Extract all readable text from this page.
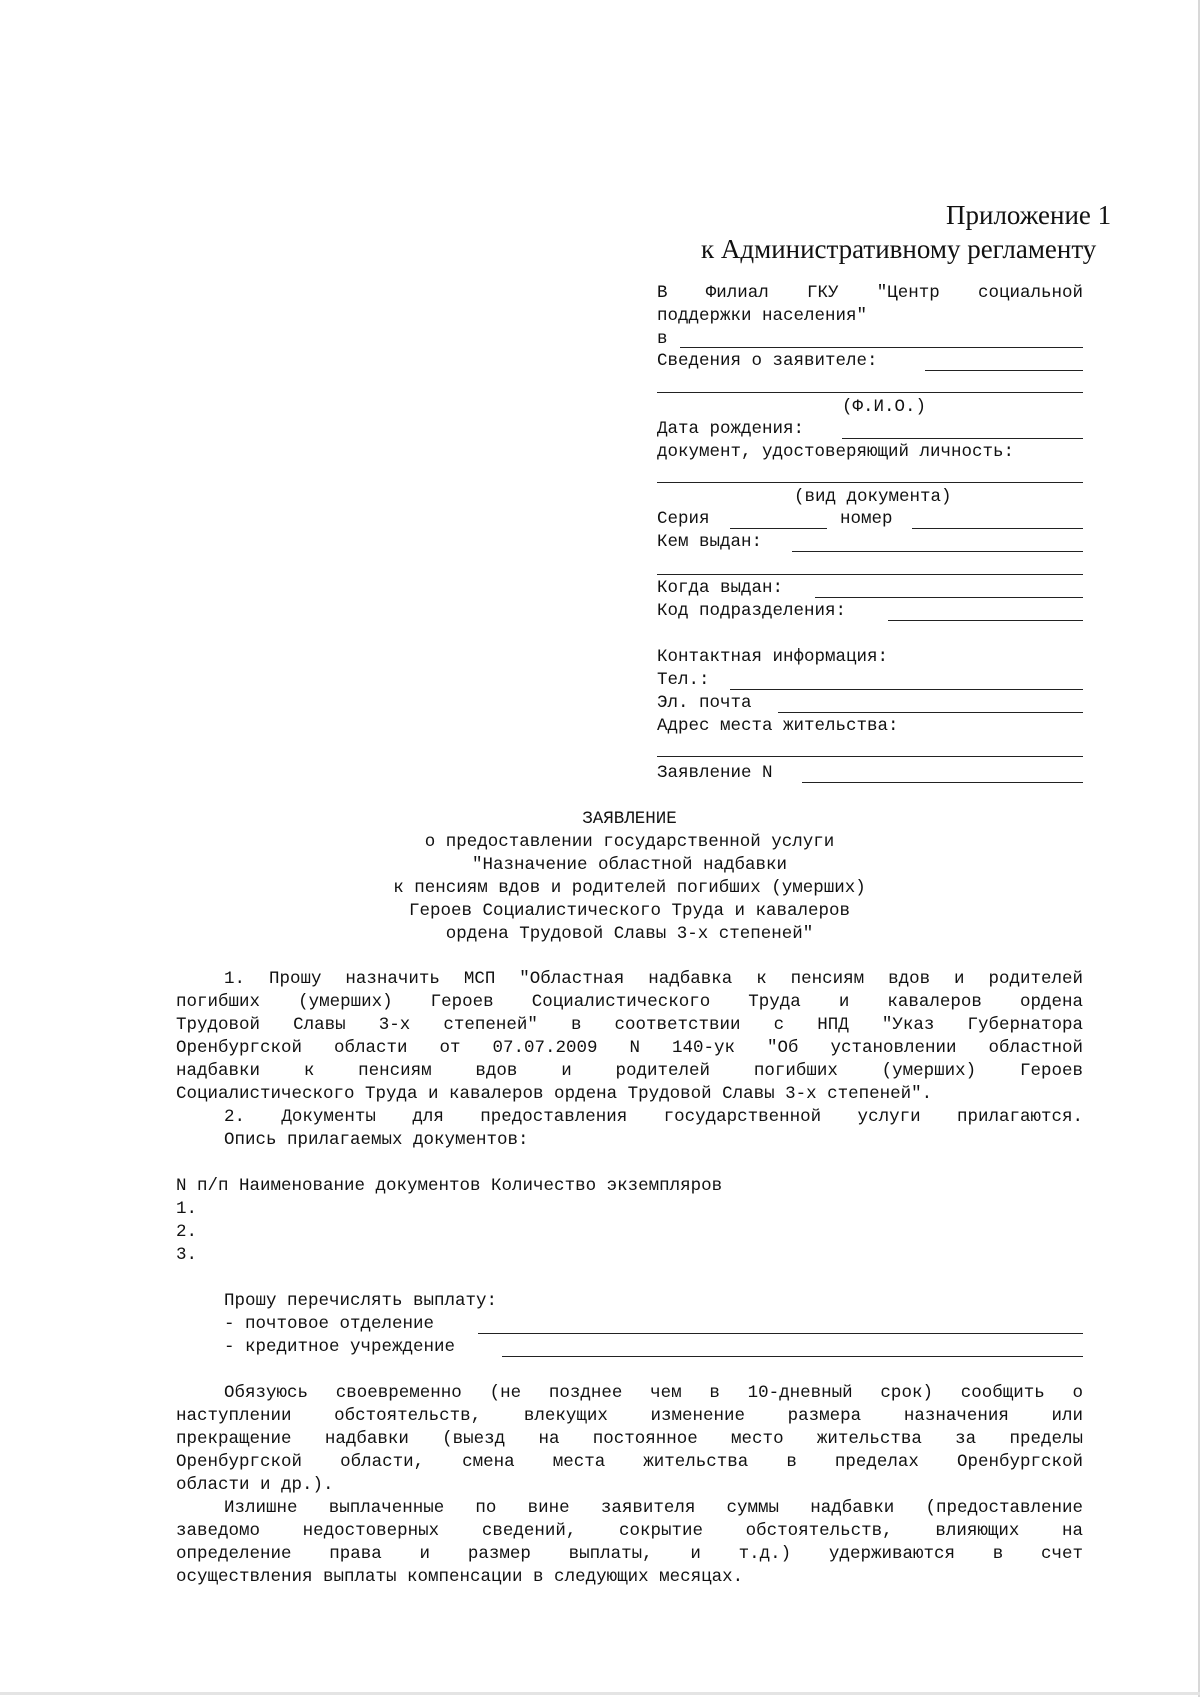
Приложение 1
к Административному регламенту
В Филиал ГКУ "Центр социальной
поддержки населения"
в
Сведения о заявителе:
(Ф.И.О.)
Дата рождения:
документ, удостоверяющий личность:
(вид документа)
Серия	номер
Кем выдан:
Когда выдан:
Код подразделения:
Контактная информация:
Тел.:
Эл. почта
Адрес места жительства:
Заявление N
ЗАЯВЛЕНИЕ
о предоставлении государственной услуги
"Назначение областной надбавки
к пенсиям вдов и родителей погибших (умерших)
Героев Социалистического Труда и кавалеров
ордена Трудовой Славы 3-х степеней"
1. Прошу назначить МСП "Областная надбавка к пенсиям вдов и родителей
погибших (умерших) Героев Социалистического Труда и кавалеров ордена
Трудовой Славы 3-х степеней" в соответствии с НПД "Указ Губернатора
Оренбургской области от 07.07.2009 N 140-ук "Об установлении областной
надбавки к пенсиям вдов и родителей погибших (умерших) Героев
Социалистического Труда и кавалеров ордена Трудовой Славы 3-х степеней".
2. Документы для предоставления государственной услуги прилагаются.
Опись прилагаемых документов:
N п/п Наименование документов Количество экземпляров
1.
2.
3.
Прошу перечислять выплату:
- почтовое отделение
- кредитное учреждение
Обязуюсь своевременно (не позднее чем в 10-дневный срок) сообщить о
наступлении обстоятельств, влекущих изменение размера назначения или
прекращение надбавки (выезд на постоянное место жительства за пределы
Оренбургской области, смена места жительства в пределах Оренбургской
области и др.).
Излишне выплаченные по вине заявителя суммы надбавки (предоставление
заведомо недостоверных сведений, сокрытие обстоятельств, влияющих на
определение права и размер выплаты, и т.д.) удерживаются в счет
осуществления выплаты компенсации в следующих месяцах.
